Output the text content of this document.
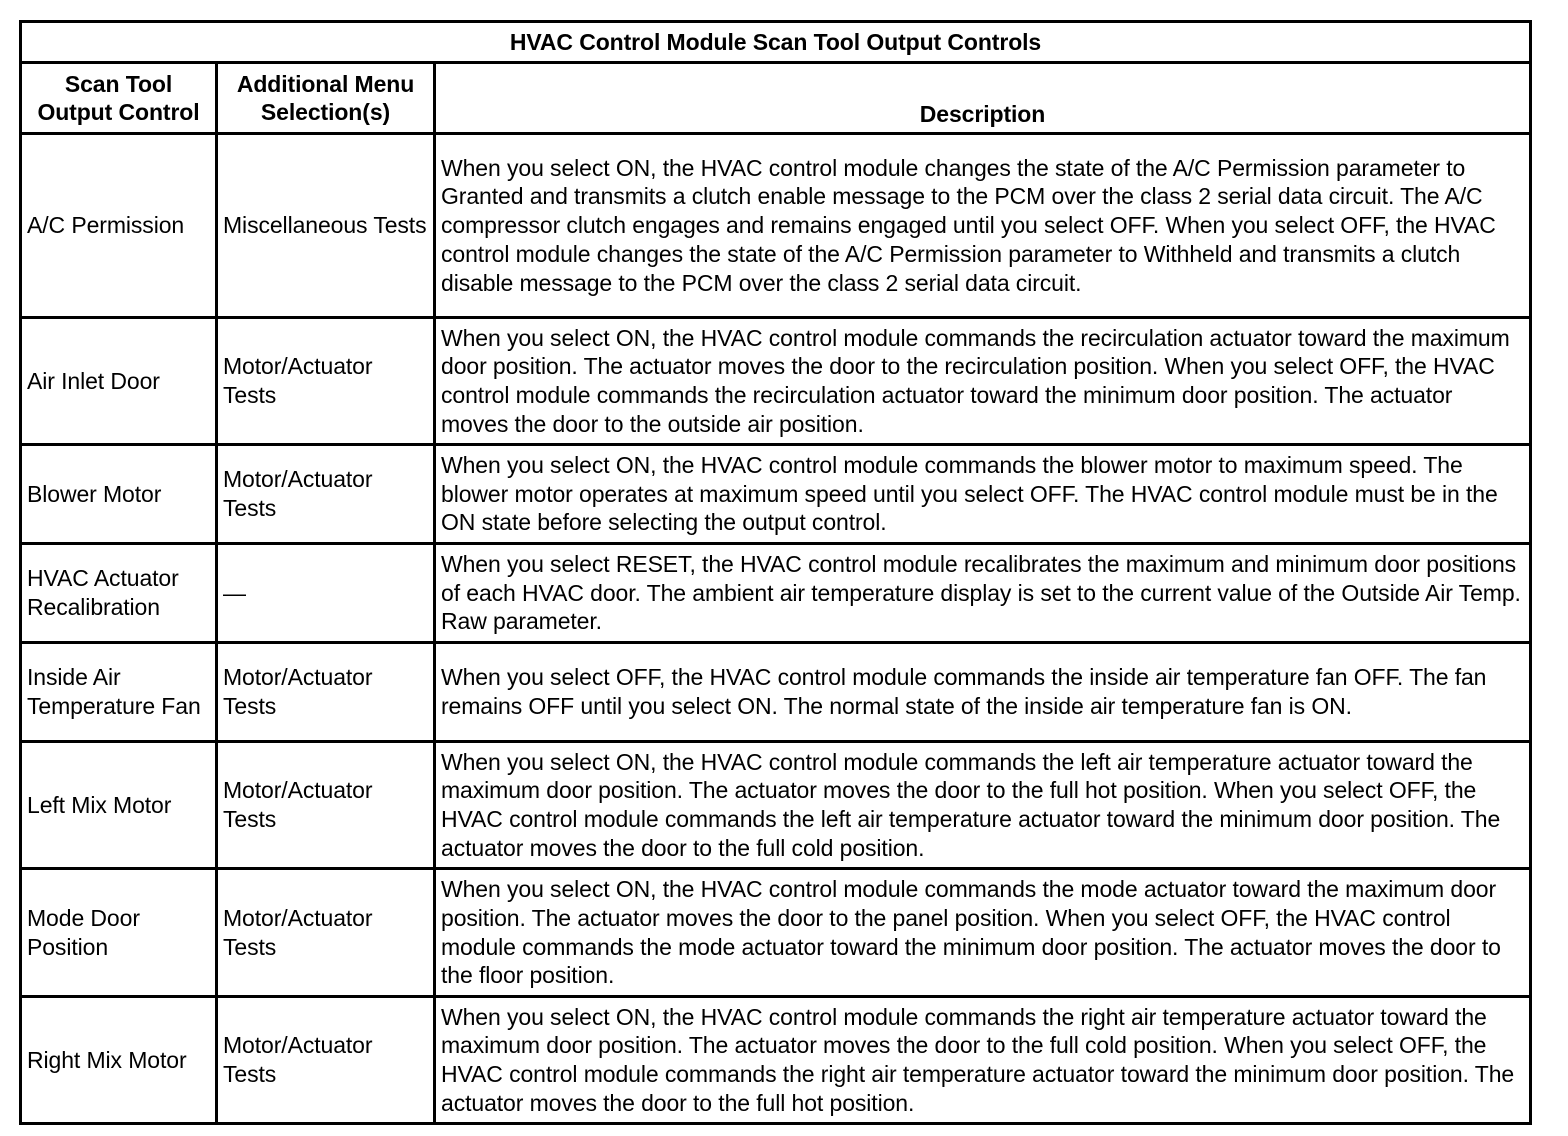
HVAC Control Module Scan Tool Output Controls		
Scan Tool Output Control	Additional Menu Selection(s)	Description
A/C Permission	Miscellaneous Tests	When you select ON, the HVAC control module changes the state of the A/C Permission parameter to Granted and transmits a clutch enable message to the PCM over the class 2 serial data circuit. The A/C compressor clutch engages and remains engaged until you select OFF. When you select OFF, the HVAC control module changes the state of the A/C Permission parameter to Withheld and transmits a clutch disable message to the PCM over the class 2 serial data circuit.
Air Inlet Door	Motor/Actuator Tests	When you select ON, the HVAC control module commands the recirculation actuator toward the maximum door position. The actuator moves the door to the recirculation position. When you select OFF, the HVAC control module commands the recirculation actuator toward the minimum door position. The actuator moves the door to the outside air position.
Blower Motor	Motor/Actuator Tests	When you select ON, the HVAC control module commands the blower motor to maximum speed. The blower motor operates at maximum speed until you select OFF. The HVAC control module must be in the ON state before selecting the output control.
HVAC Actuator Recalibration	—	When you select RESET, the HVAC control module recalibrates the maximum and minimum door positions of each HVAC door. The ambient air temperature display is set to the current value of the Outside Air Temp. Raw parameter.
Inside Air Temperature Fan	Motor/Actuator Tests	When you select OFF, the HVAC control module commands the inside air temperature fan OFF. The fan remains OFF until you select ON. The normal state of the inside air temperature fan is ON.
Left Mix Motor	Motor/Actuator Tests	When you select ON, the HVAC control module commands the left air temperature actuator toward the maximum door position. The actuator moves the door to the full hot position. When you select OFF, the HVAC control module commands the left air temperature actuator toward the minimum door position. The actuator moves the door to the full cold position.
Mode Door Position	Motor/Actuator Tests	When you select ON, the HVAC control module commands the mode actuator toward the maximum door position. The actuator moves the door to the panel position. When you select OFF, the HVAC control module commands the mode actuator toward the minimum door position. The actuator moves the door to the floor position.
Right Mix Motor	Motor/Actuator Tests	When you select ON, the HVAC control module commands the right air temperature actuator toward the maximum door position. The actuator moves the door to the full cold position. When you select OFF, the HVAC control module commands the right air temperature actuator toward the minimum door position. The actuator moves the door to the full hot position.
